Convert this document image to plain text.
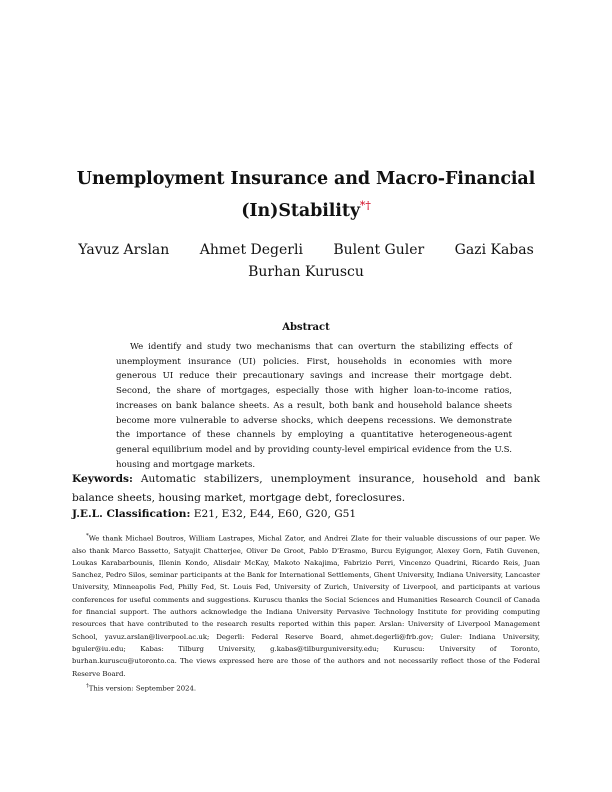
Unemployment Insurance and Macro-Financial
(In)Stability*†
Yavuz Arslan Ahmet Degerli Bulent Guler Gazi Kabas
Burhan Kuruscu
Abstract
We identify and study two mechanisms that can overturn the stabilizing effects of unemployment insurance (UI) policies. First, households in economies with more generous UI reduce their precautionary savings and increase their mortgage debt. Second, the share of mortgages, especially those with higher loan-to-income ratios, increases on bank balance sheets. As a result, both bank and household balance sheets become more vulnerable to adverse shocks, which deepens recessions. We demonstrate the importance of these channels by employing a quantitative heterogeneous-agent general equilibrium model and by providing county-level empirical evidence from the U.S. housing and mortgage markets.
Keywords: Automatic stabilizers, unemployment insurance, household and bank balance sheets, housing market, mortgage debt, foreclosures.
J.E.L. Classification: E21, E32, E44, E60, G20, G51

*We thank Michael Boutros, William Lastrapes, Michal Zator, and Andrei Zlate for their valuable discussions of our paper. We also thank Marco Bassetto, Satyajit Chatterjee, Oliver De Groot, Pablo D'Erasmo, Burcu Eyigungor, Alexey Gorn, Fatih Guvenen, Loukas Karabarbounis, Illenin Kondo, Alisdair McKay, Makoto Nakajima, Fabrizio Perri, Vincenzo Quadrini, Ricardo Reis, Juan Sanchez, Pedro Silos, seminar participants at the Bank for International Settlements, Ghent University, Indiana University, Lancaster University, Minneapolis Fed, Philly Fed, St. Louis Fed, University of Zurich, University of Liverpool, and participants at various conferences for useful comments and suggestions. Kuruscu thanks the Social Sciences and Humanities Research Council of Canada for financial support. The authors acknowledge the Indiana University Pervasive Technology Institute for providing computing resources that have contributed to the research results reported within this paper. Arslan: University of Liverpool Management School, yavuz.arslan@liverpool.ac.uk; Degerli: Federal Reserve Board, ahmet.degerli@frb.gov; Guler: Indiana University, bguler@iu.edu; Kabas: Tilburg University, g.kabas@tilburguniversity.edu; Kuruscu: University of Toronto, burhan.kuruscu@utoronto.ca. The views expressed here are those of the authors and not necessarily reflect those of the Federal Reserve Board.

†This version: September 2024.
